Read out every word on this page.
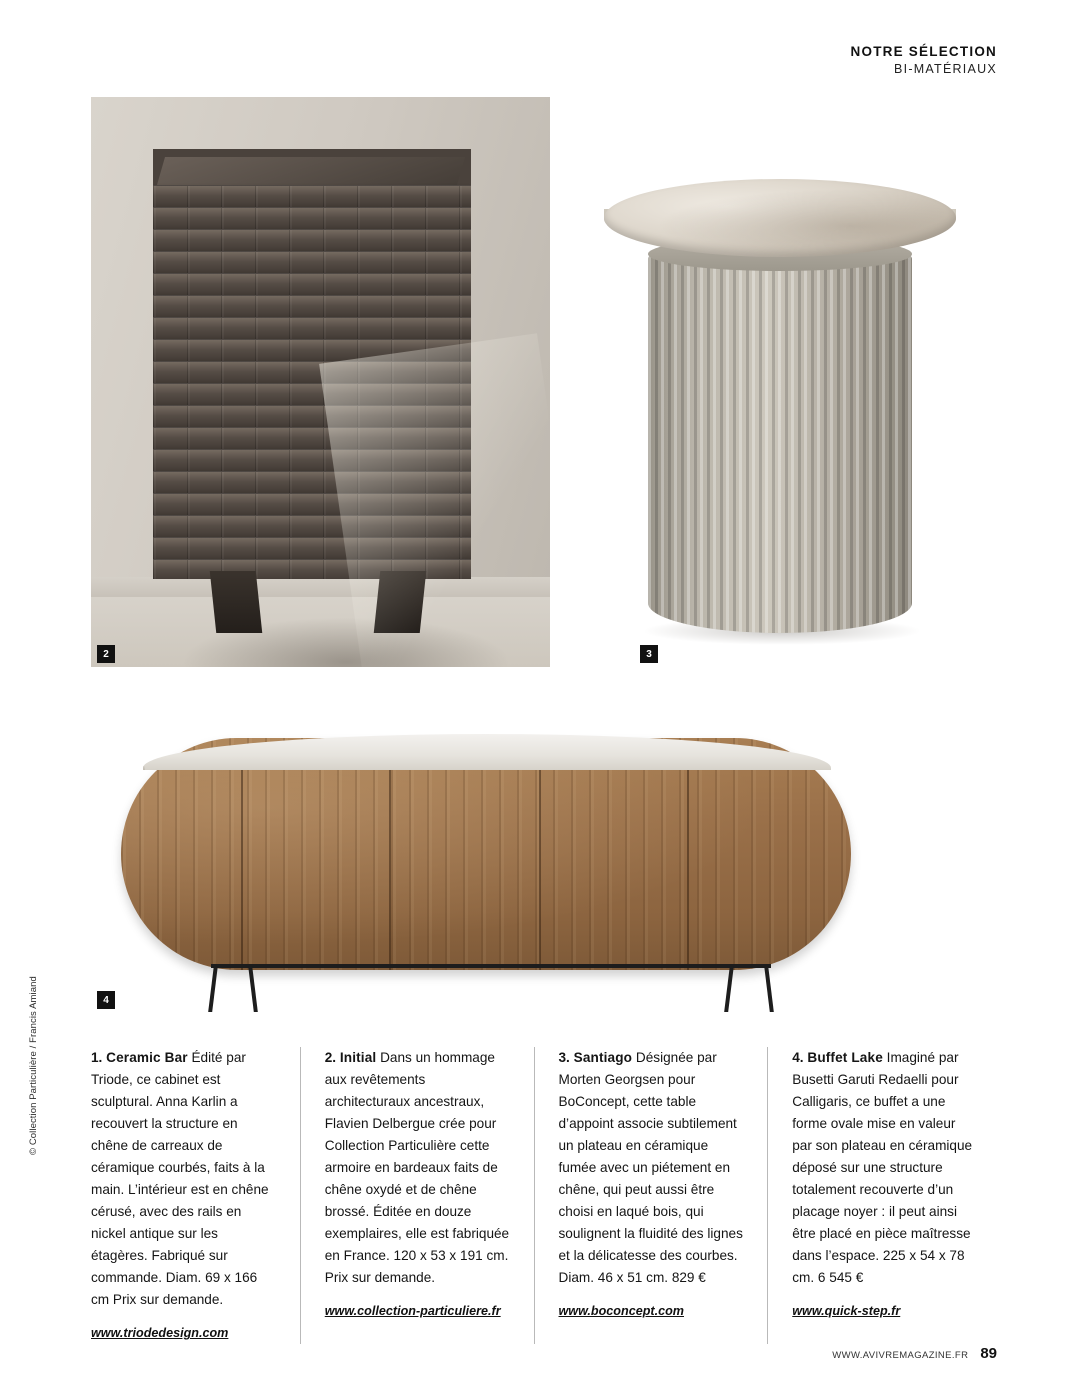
NOTRE SÉLECTION
BI-MATÉRIAUX
2	3
4
© Collection Particulière / Francis Amiand	1. Ceramic Bar Édité par Triode, ce cabinet est sculptural. Anna Karlin a recouvert la structure en chêne de carreaux de céramique courbés, faits à la main. L’intérieur est en chêne cérusé, avec des rails en nickel antique sur les étagères. Fabriqué sur commande. Diam. 69 x 166 cm Prix sur demande.
www.triodedesign.com
2. Initial Dans un hommage aux revêtements architecturaux ancestraux, Flavien Delbergue crée pour Collection Particulière cette armoire en bardeaux faits de chêne oxydé et de chêne brossé. Éditée en douze exemplaires, elle est fabriquée en France. 120 x 53 x 191 cm. Prix sur demande.
www.collection-particuliere.fr
3. Santiago Désignée par Morten Georgsen pour BoConcept, cette table d’appoint associe subtilement un plateau en céramique fumée avec un piétement en chêne, qui peut aussi être choisi en laqué bois, qui soulignent la fluidité des lignes et la délicatesse des courbes. Diam. 46 x 51 cm. 829 €
www.boconcept.com
4. Buffet Lake Imaginé par Busetti Garuti Redaelli pour Calligaris, ce buffet a une forme ovale mise en valeur par son plateau en céramique déposé sur une structure totalement recouverte d’un placage noyer : il peut ainsi être placé en pièce maîtresse dans l’espace. 225 x 54 x 78 cm. 6 545 €
www.quick-step.fr
WWW.AVIVREMAGAZINE.FR 89
